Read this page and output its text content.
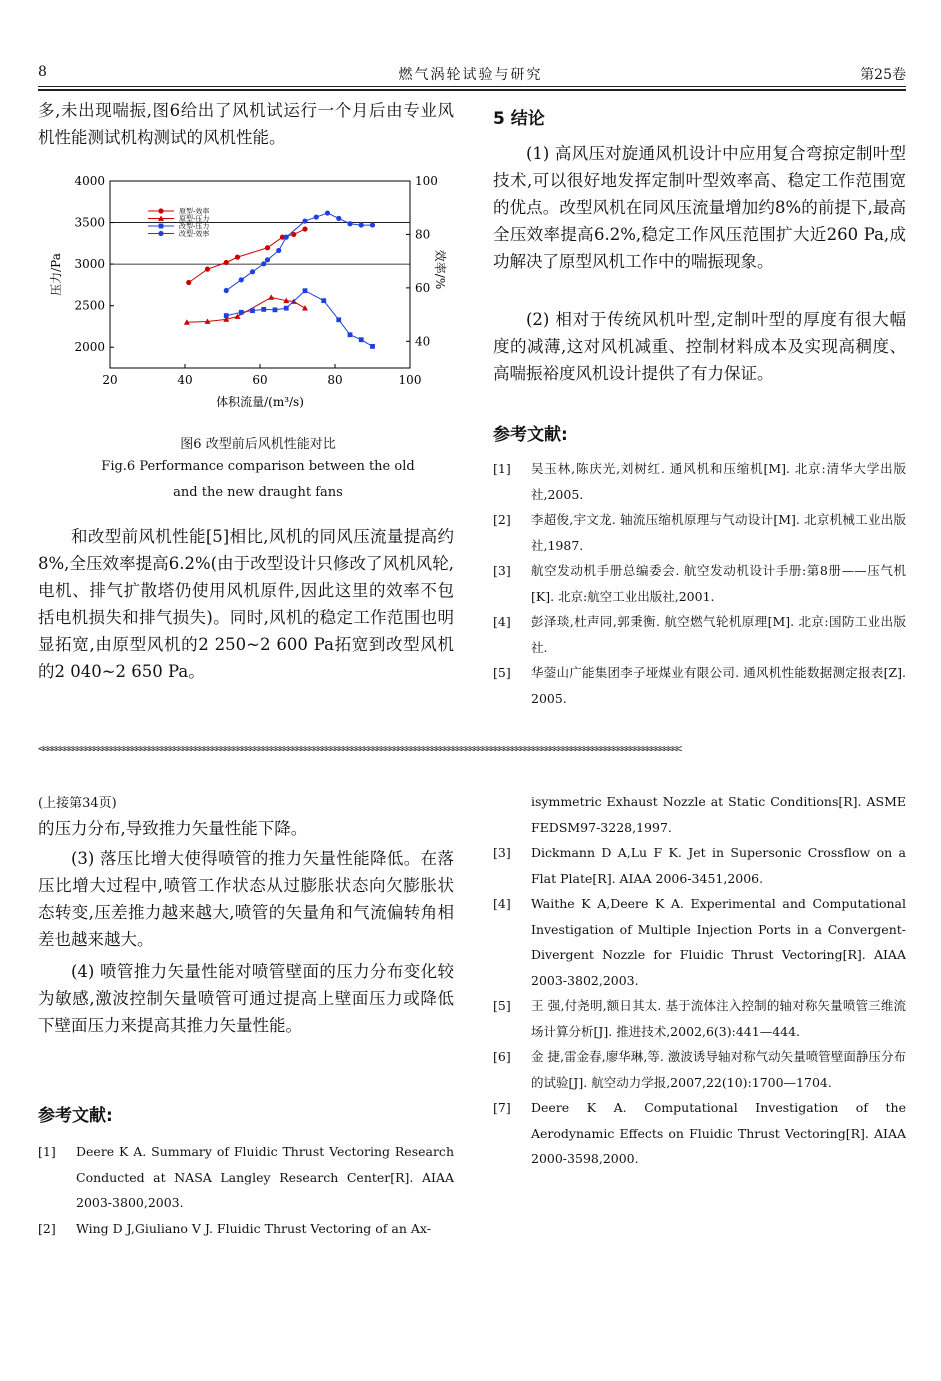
8	燃气涡轮试验与研究	第25卷

多,未出现喘振,图6给出了风机试运行一个月后由专业风机性能测试机构测试的风机性能。

20	40	60	80	100
2000
2500
3000
3500
4000
40
60
80
100
体积流量/(m³/s)
压力/Pa	效率/%
原型-效率
原型-压力
改型-压力
改型-效率
图6 改型前后风机性能对比
Fig.6 Performance comparison between the old
and the new draught fans

和改型前风机性能[5]相比,风机的同风压流量提高约8%,全压效率提高6.2%(由于改型设计只修改了风机风轮,电机、排气扩散塔仍使用风机原件,因此这里的效率不包括电机损失和排气损失)。同时,风机的稳定工作范围也明显拓宽,由原型风机的2 250~2 600 Pa拓宽到改型风机的2 040~2 650 Pa。

5 结论

(1) 高风压对旋通风机设计中应用复合弯掠定制叶型技术,可以很好地发挥定制叶型效率高、稳定工作范围宽的优点。改型风机在同风压流量增加约8%的前提下,最高全压效率提高6.2%,稳定工作风压范围扩大近260 Pa,成功解决了原型风机工作中的喘振现象。

(2) 相对于传统风机叶型,定制叶型的厚度有很大幅度的减薄,这对风机减重、控制材料成本及实现高稠度、高喘振裕度风机设计提供了有力保证。

参考文献:
[1]	吴玉林,陈庆光,刘树红. 通风机和压缩机[M]. 北京:清华大学出版社,2005.
[2]	李超俊,宇文龙. 轴流压缩机原理与气动设计[M]. 北京机械工业出版社,1987.
[3]	航空发动机手册总编委会. 航空发动机设计手册:第8册——压气机[K]. 北京:航空工业出版社,2001.
[4]	彭泽琰,杜声同,郭秉衡. 航空燃气轮机原理[M]. 北京:国防工业出版社.
[5]	华蓥山广能集团李子垭煤业有限公司. 通风机性能数据测定报表[Z]. 2005.
<<<<<<<<<<<<<<<<<<<<<<<<<<<<<<<<<<<<<<<<<<<<<<<<<<<<<<<<<<<<<<<<<<<<<<<<<<<<<<<<<<<<<<<<<<<<<<<<<<<<<<<<<<<<<<<<<<<<<<<<<<<<<<<<<<<<<<<<<<<<<<<<<<<<<<<<
(上接第34页)

的压力分布,导致推力矢量性能下降。

(3) 落压比增大使得喷管的推力矢量性能降低。在落压比增大过程中,喷管工作状态从过膨胀状态向欠膨胀状态转变,压差推力越来越大,喷管的矢量角和气流偏转角相差也越来越大。

(4) 喷管推力矢量性能对喷管壁面的压力分布变化较为敏感,激波控制矢量喷管可通过提高上壁面压力或降低下壁面压力来提高其推力矢量性能。

参考文献:
[1]	Deere K A. Summary of Fluidic Thrust Vectoring Research Conducted at NASA Langley Research Center[R]. AIAA 2003-3800,2003.
[2]	Wing D J,Giuliano V J. Fluidic Thrust Vectoring of an Ax-
isymmetric Exhaust Nozzle at Static Conditions[R]. ASME FEDSM97-3228,1997.
[3]	Dickmann D A,Lu F K. Jet in Supersonic Crossflow on a Flat Plate[R]. AIAA 2006-3451,2006.
[4]	Waithe K A,Deere K A. Experimental and Computational Investigation of Multiple Injection Ports in a Convergent-Divergent Nozzle for Fluidic Thrust Vectoring[R]. AIAA 2003-3802,2003.
[5]	王 强,付尧明,额日其太. 基于流体注入控制的轴对称矢量喷管三维流场计算分析[J]. 推进技术,2002,6(3):441—444.
[6]	金 捷,雷金春,廖华琳,等. 激波诱导轴对称气动矢量喷管壁面静压分布的试验[J]. 航空动力学报,2007,22(10):1700—1704.
[7]	Deere K A. Computational Investigation of the Aerodynamic Effects on Fluidic Thrust Vectoring[R]. AIAA 2000-3598,2000.
